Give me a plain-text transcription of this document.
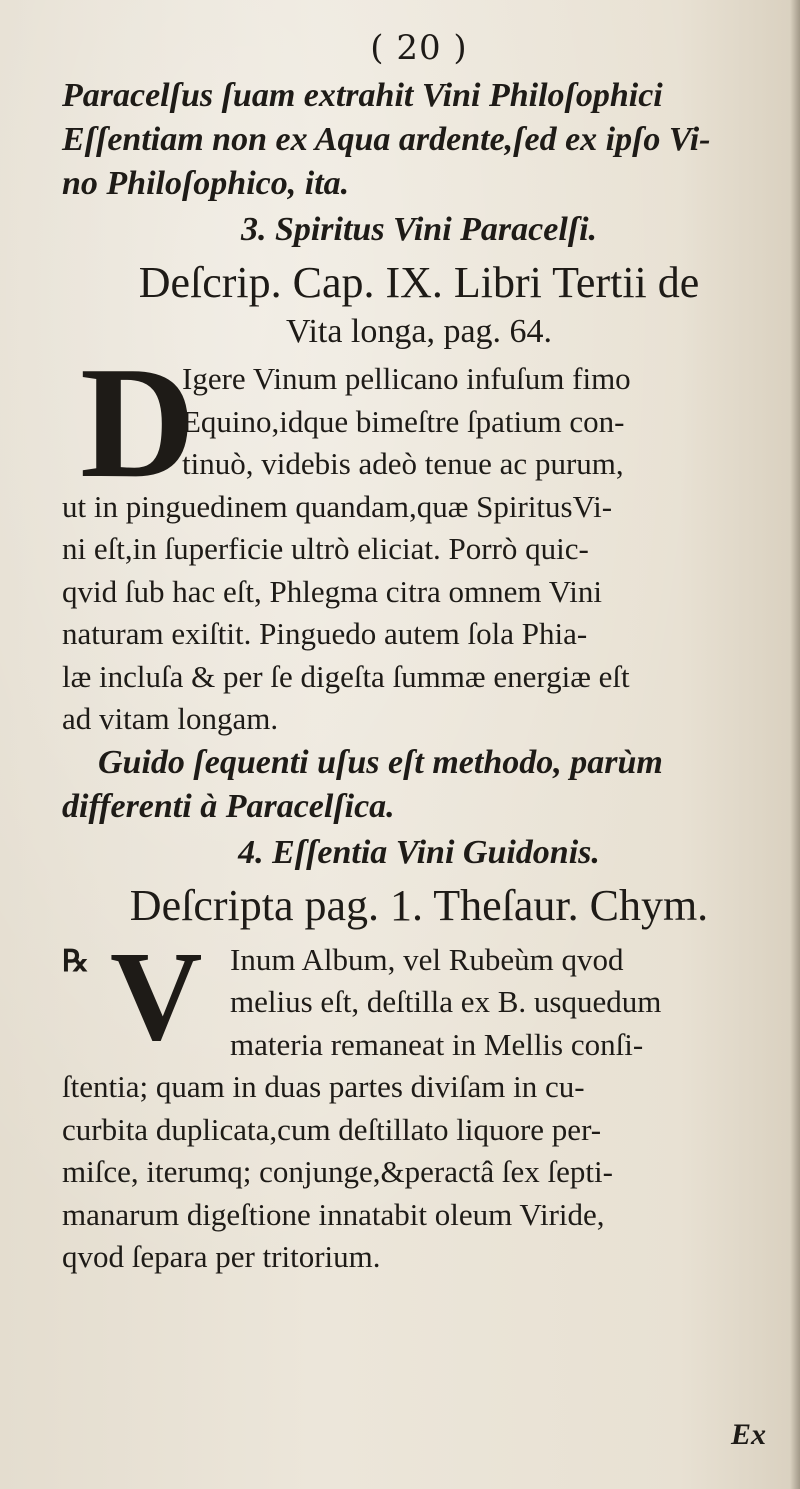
( 20 )

Paracelſus ſuam extrahit Vini Philoſophici

Eſſentiam non ex Aqua ardente,ſed ex ipſo Vi-

no Philoſophico, ita.

3. Spiritus Vini Paracelſi.

Deſcrip. Cap. IX. Libri Tertii de

Vita longa, pag. 64.

D
Igere Vinum pellicano infuſum fimo
Equino,idque bimeſtre ſpatium con-
tinuò, videbis adeò tenue ac purum,
ut in pinguedinem quandam,quæ SpiritusVi-
ni eſt,in ſuperficie ultrò eliciat. Porrò quic-
qvid ſub hac eſt, Phlegma citra omnem Vini
naturam exiſtit. Pinguedo autem ſola Phia-
læ incluſa & per ſe digeſta ſummæ energiæ eſt
ad vitam longam.

Guido ſequenti uſus eſt methodo, parùm

differenti à Paracelſica.

4. Eſſentia Vini Guidonis.

Deſcripta pag. 1. Theſaur. Chym.

℞ V Inum Album, vel Rubeùm qvod
melius eſt, deſtilla ex B. usquedum
materia remaneat in Mellis conſi-
ſtentia; quam in duas partes diviſam in cu-
curbita duplicata,cum deſtillato liquore per-
miſce, iterumq; conjunge,&peractâ ſex ſepti-
manarum digeſtione innatabit oleum Viride,
qvod ſepara per tritorium.
Ex
